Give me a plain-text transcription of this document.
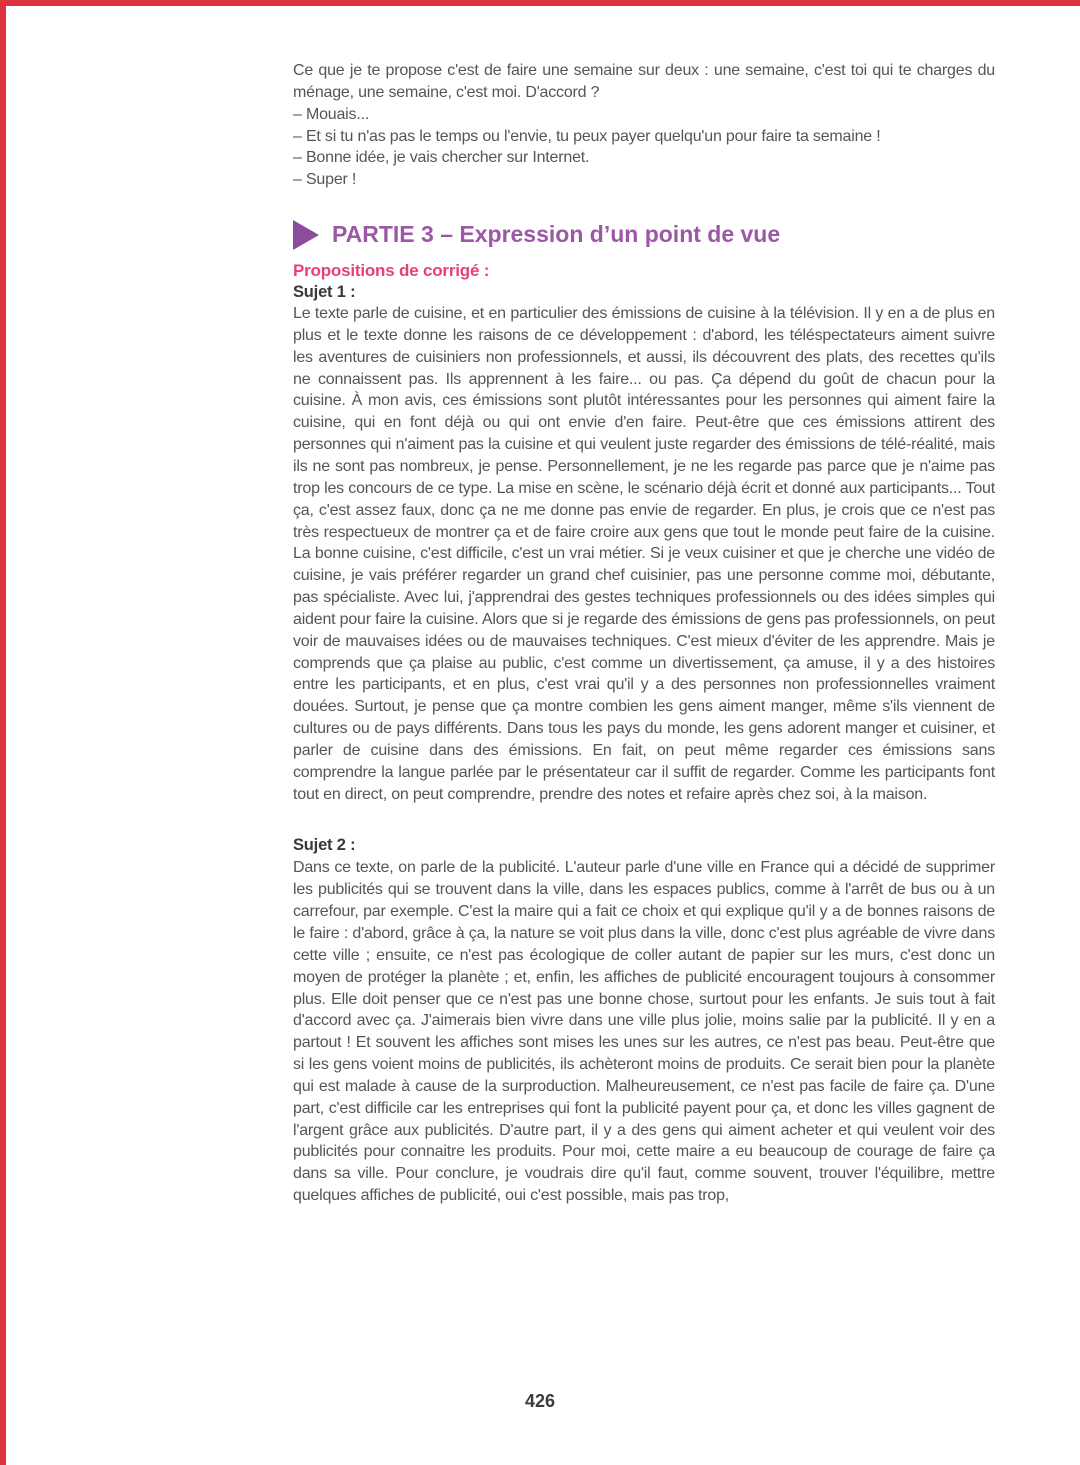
Ce que je te propose c'est de faire une semaine sur deux : une semaine, c'est toi qui te charges du ménage, une semaine, c'est moi. D'accord ?

– Mouais...
– Et si tu n'as pas le temps ou l'envie, tu peux payer quelqu'un pour faire ta semaine !
– Bonne idée, je vais chercher sur Internet.
– Super !
PARTIE 3 – Expression d’un point de vue
Propositions de corrigé :
Sujet 1 :

Le texte parle de cuisine, et en particulier des émissions de cuisine à la télévision. Il y en a de plus en plus et le texte donne les raisons de ce développement : d'abord, les téléspectateurs aiment suivre les aventures de cuisiniers non professionnels, et aussi, ils découvrent des plats, des recettes qu'ils ne connaissent pas. Ils apprennent à les faire... ou pas. Ça dépend du goût de chacun pour la cuisine. À mon avis, ces émissions sont plutôt intéressantes pour les personnes qui aiment faire la cuisine, qui en font déjà ou qui ont envie d'en faire. Peut-être que ces émissions attirent des personnes qui n'aiment pas la cuisine et qui veulent juste regarder des émissions de télé-réalité, mais ils ne sont pas nombreux, je pense. Personnellement, je ne les regarde pas parce que je n'aime pas trop les concours de ce type. La mise en scène, le scénario déjà écrit et donné aux participants... Tout ça, c'est assez faux, donc ça ne me donne pas envie de regarder. En plus, je crois que ce n'est pas très respectueux de montrer ça et de faire croire aux gens que tout le monde peut faire de la cuisine. La bonne cuisine, c'est difficile, c'est un vrai métier. Si je veux cuisiner et que je cherche une vidéo de cuisine, je vais préférer regarder un grand chef cuisinier, pas une personne comme moi, débutante, pas spécialiste. Avec lui, j'apprendrai des gestes techniques professionnels ou des idées simples qui aident pour faire la cuisine. Alors que si je regarde des émissions de gens pas professionnels, on peut voir de mauvaises idées ou de mauvaises techniques. C'est mieux d'éviter de les apprendre. Mais je comprends que ça plaise au public, c'est comme un divertissement, ça amuse, il y a des histoires entre les participants, et en plus, c'est vrai qu'il y a des personnes non professionnelles vraiment douées. Surtout, je pense que ça montre combien les gens aiment manger, même s'ils viennent de cultures ou de pays différents. Dans tous les pays du monde, les gens adorent manger et cuisiner, et parler de cuisine dans des émissions. En fait, on peut même regarder ces émissions sans comprendre la langue parlée par le présentateur car il suffit de regarder. Comme les participants font tout en direct, on peut comprendre, prendre des notes et refaire après chez soi, à la maison.

Sujet 2 :

Dans ce texte, on parle de la publicité. L'auteur parle d'une ville en France qui a décidé de supprimer les publicités qui se trouvent dans la ville, dans les espaces publics, comme à l'arrêt de bus ou à un carrefour, par exemple. C'est la maire qui a fait ce choix et qui explique qu'il y a de bonnes raisons de le faire : d'abord, grâce à ça, la nature se voit plus dans la ville, donc c'est plus agréable de vivre dans cette ville ; ensuite, ce n'est pas écologique de coller autant de papier sur les murs, c'est donc un moyen de protéger la planète ; et, enfin, les affiches de publicité encouragent toujours à consommer plus. Elle doit penser que ce n'est pas une bonne chose, surtout pour les enfants. Je suis tout à fait d'accord avec ça. J'aimerais bien vivre dans une ville plus jolie, moins salie par la publicité. Il y en a partout ! Et souvent les affiches sont mises les unes sur les autres, ce n'est pas beau. Peut-être que si les gens voient moins de publicités, ils achèteront moins de produits. Ce serait bien pour la planète qui est malade à cause de la surproduction. Malheureusement, ce n'est pas facile de faire ça. D'une part, c'est difficile car les entreprises qui font la publicité payent pour ça, et donc les villes gagnent de l'argent grâce aux publicités. D'autre part, il y a des gens qui aiment acheter et qui veulent voir des publicités pour connaitre les produits. Pour moi, cette maire a eu beaucoup de courage de faire ça dans sa ville. Pour conclure, je voudrais dire qu'il faut, comme souvent, trouver l'équilibre, mettre quelques affiches de publicité, oui c'est possible, mais pas trop,

426
